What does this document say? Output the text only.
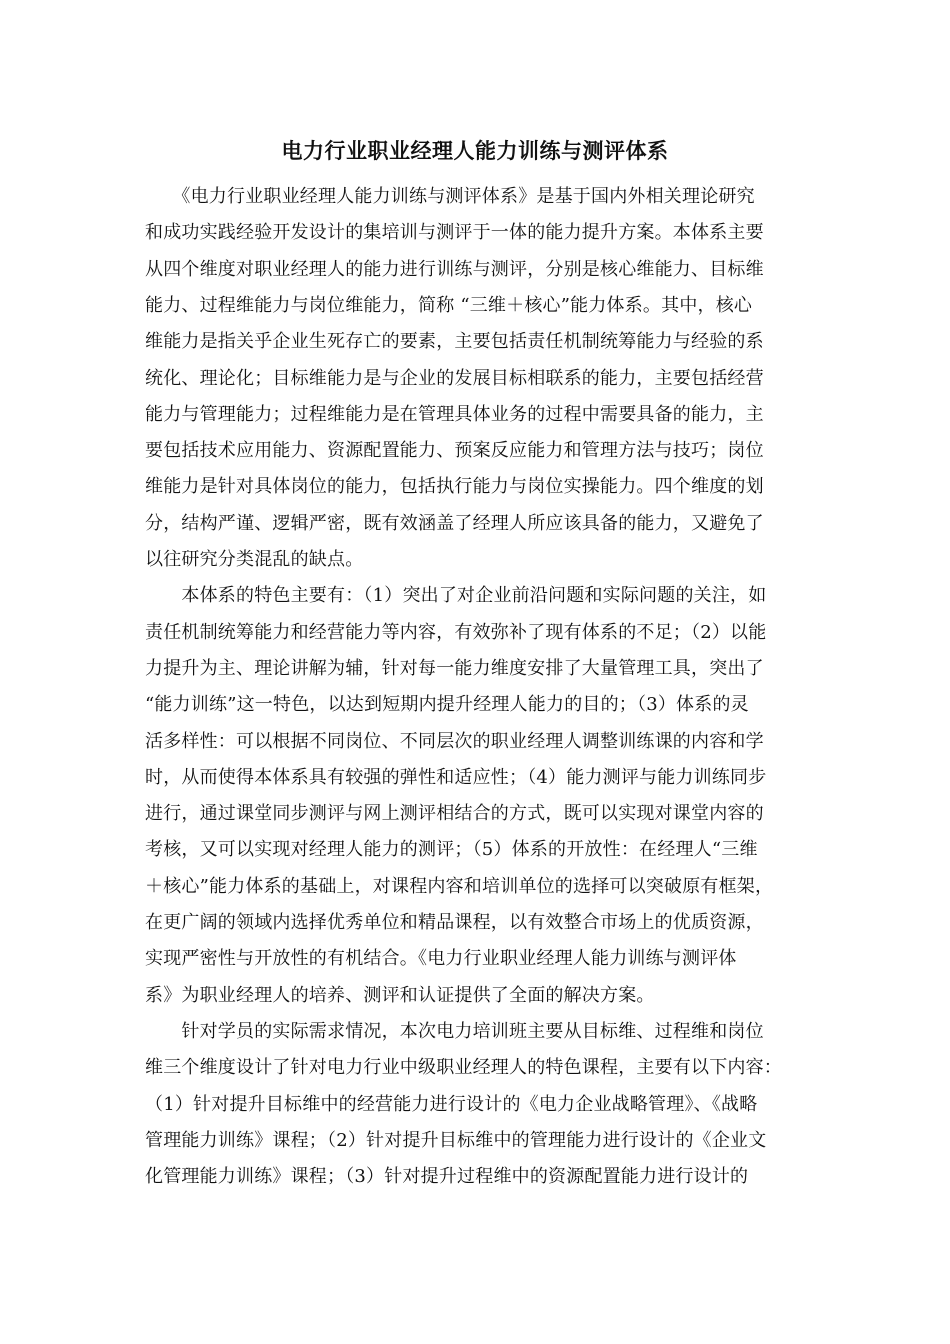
电力行业职业经理人能力训练与测评体系
　　《电力行业职业经理人能力训练与测评体系》是基于国内外相关理论研究
和成功实践经验开发设计的集培训与测评于一体的能力提升方案。本体系主要
从四个维度对职业经理人的能力进行训练与测评，分别是核心维能力、目标维
能力、过程维能力与岗位维能力，简称 “三维＋核心”能力体系。其中，核心
维能力是指关乎企业生死存亡的要素，主要包括责任机制统筹能力与经验的系
统化、理论化；目标维能力是与企业的发展目标相联系的能力，主要包括经营
能力与管理能力；过程维能力是在管理具体业务的过程中需要具备的能力，主
要包括技术应用能力、资源配置能力、预案反应能力和管理方法与技巧；岗位
维能力是针对具体岗位的能力，包括执行能力与岗位实操能力。四个维度的划
分，结构严谨、逻辑严密，既有效涵盖了经理人所应该具备的能力，又避免了
以往研究分类混乱的缺点。
　　本体系的特色主要有：（1）突出了对企业前沿问题和实际问题的关注，如
责任机制统筹能力和经营能力等内容，有效弥补了现有体系的不足；（2）以能
力提升为主、理论讲解为辅，针对每一能力维度安排了大量管理工具，突出了
“能力训练”这一特色，以达到短期内提升经理人能力的目的；（3）体系的灵
活多样性：可以根据不同岗位、不同层次的职业经理人调整训练课的内容和学
时，从而使得本体系具有较强的弹性和适应性；（4）能力测评与能力训练同步
进行，通过课堂同步测评与网上测评相结合的方式，既可以实现对课堂内容的
考核，又可以实现对经理人能力的测评；（5）体系的开放性：在经理人“三维
＋核心”能力体系的基础上，对课程内容和培训单位的选择可以突破原有框架，
在更广阔的领域内选择优秀单位和精品课程，以有效整合市场上的优质资源，
实现严密性与开放性的有机结合。《电力行业职业经理人能力训练与测评体
系》为职业经理人的培养、测评和认证提供了全面的解决方案。
　　针对学员的实际需求情况，本次电力培训班主要从目标维、过程维和岗位
维三个维度设计了针对电力行业中级职业经理人的特色课程，主要有以下内容：
（1）针对提升目标维中的经营能力进行设计的《电力企业战略管理》、《战略
管理能力训练》课程；（2）针对提升目标维中的管理能力进行设计的《企业文
化管理能力训练》课程；（3）针对提升过程维中的资源配置能力进行设计的
